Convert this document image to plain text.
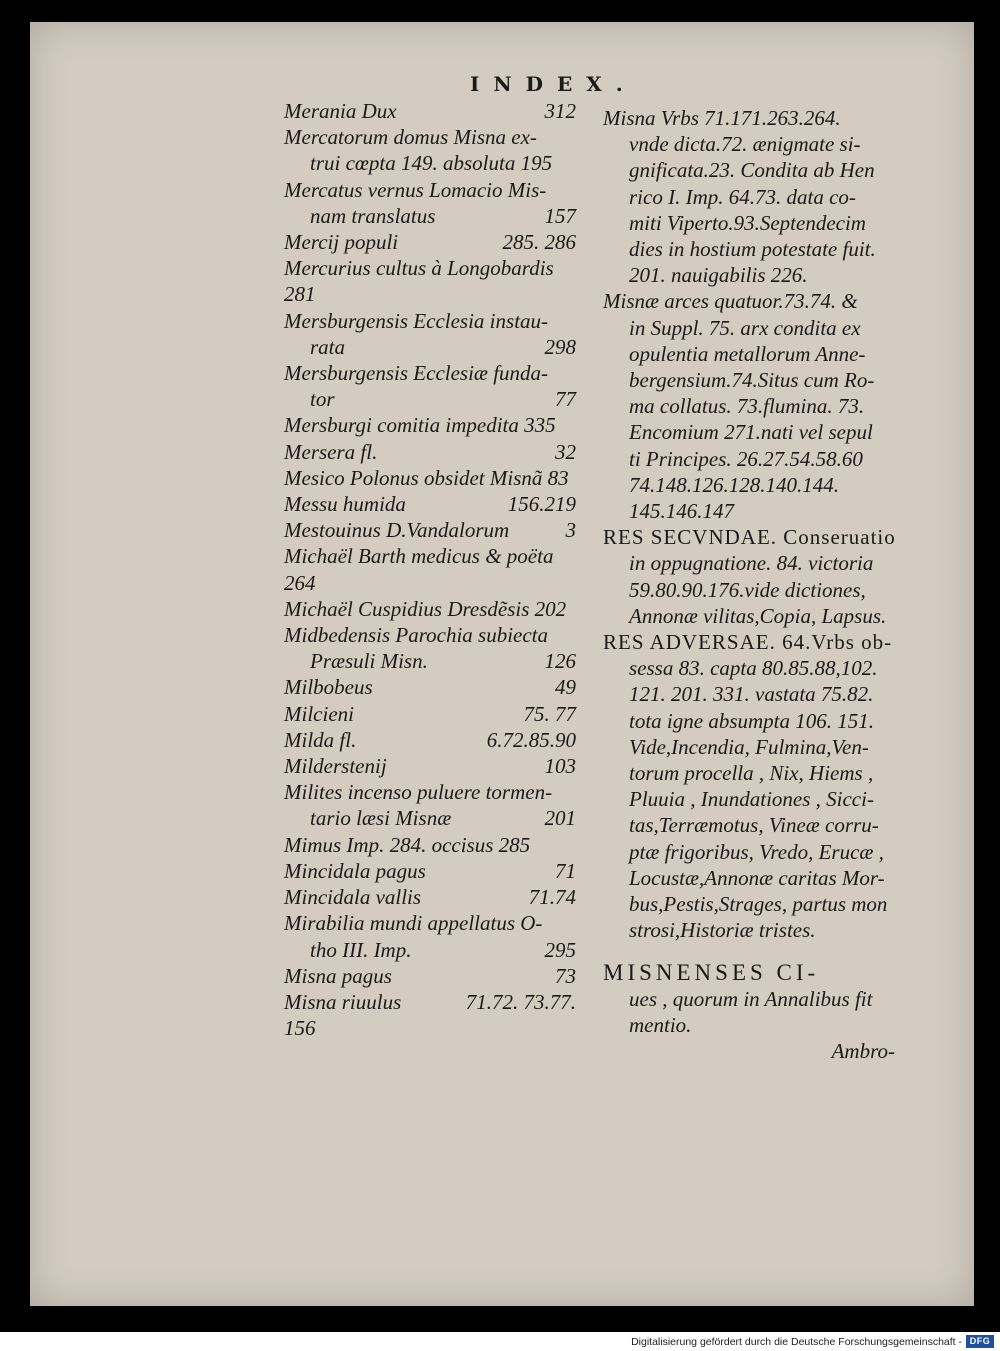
INDEX.
Merania Dux	312
Mercatorum domus Misna ex-
trui cœpta 149. absoluta 195
Mercatus vernus Lomacio Mis-
nam translatus	157
Mercij populi	285. 286
Mercurius cultus à Longobardis
281
Mersburgensis Ecclesia instau-
rata	298
Mersburgensis Ecclesiæ funda-
tor	77
Mersburgi comitia impedita 335
Mersera fl.	32
Mesico Polonus obsidet Misnã 83
Messu humida	156.219
Mestouinus D.Vandalorum	3
Michaël Barth medicus & poëta
264
Michaël Cuspidius Dresdẽsis 202
Midbedensis Parochia subiecta
Præsuli Misn.	126
Milbobeus	49
Milcieni	75. 77
Milda fl.	6.72.85.90
Milderstenij	103
Milites incenso puluere tormen-
tario læsi Misnæ	201
Mimus Imp. 284. occisus 285
Mincidala pagus	71
Mincidala vallis	71.74
Mirabilia mundi appellatus O-
tho III. Imp.	295
Misna pagus	73
Misna riuulus	71.72. 73.77.
156
Misna Vrbs 71.171.263.264.
vnde dicta.72. ænigmate si-
gnificata.23. Condita ab Hen
rico I. Imp. 64.73. data co-
miti Viperto.93.Septendecim
dies in hostium potestate fuit.
201. nauigabilis 226.
Misnæ arces quatuor.73.74. &
in Suppl. 75. arx condita ex
opulentia metallorum Anne-
bergensium.74.Situs cum Ro-
ma collatus. 73.flumina. 73.
Encomium 271.nati vel sepul
ti Principes. 26.27.54.58.60
74.148.126.128.140.144.
145.146.147
RES SECVNDAE. Conseruatio
in oppugnatione. 84. victoria
59.80.90.176.vide dictiones,
Annonæ vilitas,Copia, Lapsus.
RES ADVERSAE. 64.Vrbs ob-
sessa 83. capta 80.85.88,102.
121. 201. 331. vastata 75.82.
tota igne absumpta 106. 151.
Vide,Incendia, Fulmina,Ven-
torum procella , Nix, Hiems ,
Pluuia , Inundationes , Sicci-
tas,Terræmotus, Vineæ corru-
ptæ frigoribus, Vredo, Erucæ ,
Locustæ,Annonæ caritas Mor-
bus,Pestis,Strages, partus mon
strosi,Historiæ tristes.
MISNENSES CI-
ues , quorum in Annalibus fit
mentio.
Ambro-
Digitalisierung gefördert durch die Deutsche Forschungsgemeinschaft - DFG
